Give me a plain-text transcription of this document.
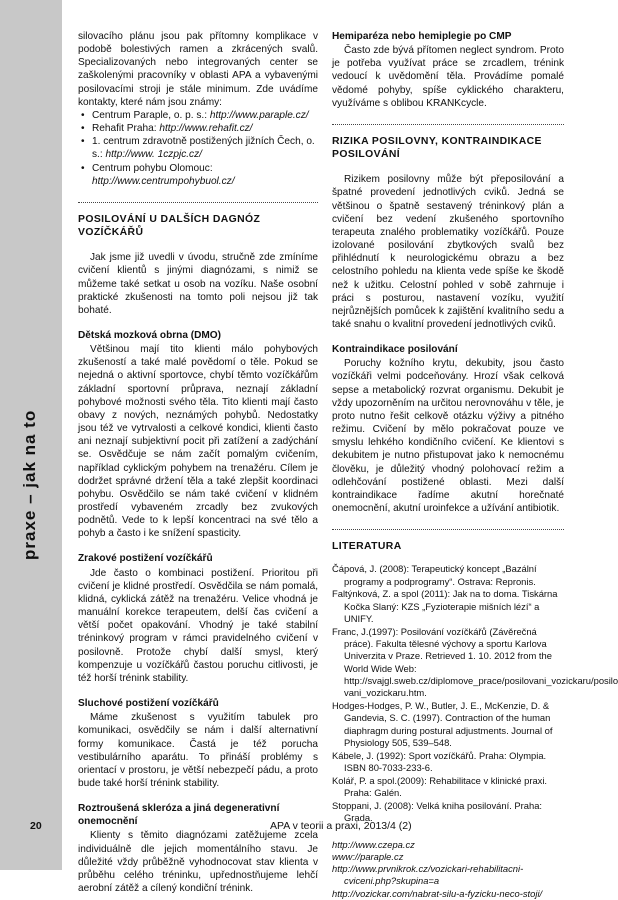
praxe – jak na to

silovacího plánu jsou pak přítomny komplikace v podobě bolestivých ramen a zkrácených svalů. Specializovaných nebo integrovaných center se zaškolenými pracovníky v oblasti APA a vybavenými posilovacími stroji je stále minimum. Zde uvádíme kontakty, které nám jsou známy:

• Centrum Paraple, o. p. s.: http://www.paraple.cz/
• Rehafit Praha: http://www.rehafit.cz/
• 1. centrum zdravotně postižených jižních Čech, o. s.: http://www. 1czpjc.cz/
• Centrum pohybu Olomouc: http://www.centrumpohybuol.cz/
POSILOVÁNÍ U DALŠÍCH DAGNÓZ VOZÍČKÁŘŮ

Jak jsme již uvedli v úvodu, stručně zde zmíníme cvičení klientů s jinými diagnózami, s nimiž se můžeme také setkat u osob na vozíku. Naše osobní praktické zkušenosti na tomto poli nejsou již tak bohaté.

Dětská mozková obrna (DMO)

Většinou mají tito klienti málo pohybových zkušeností a také malé povědomí o těle. Pokud se nejedná o aktivní sportovce, chybí těmto vozíčkářům základní sportovní průprava, neznají základní pohybové možnosti svého těla. Tito klienti mají často obavy z nových, neznámých pohybů. Nedostatky jsou též ve vytrvalosti a celkové kondici, klienti často ani neznají subjektivní pocit při zatížení a zadýchání se. Osvědčuje se nám začít pomalým cvičením, například cyklickým pohybem na trenažéru. Cílem je dodržet správné držení těla a také zlepšit koordinaci pohybu. Osvědčilo se nám také cvičení v klidném prostředí vybaveném zrcadly bez zvukových podnětů. Vede to k lepší koncentraci na své tělo a pohyb a často i ke snížení spasticity.

Zrakové postižení vozíčkářů

Jde často o kombinaci postižení. Prioritou při cvičení je klidné prostředí. Osvědčila se nám pomalá, klidná, cyklická zátěž na trenažéru. Velice vhodná je manuální korekce terapeutem, delší čas cvičení a větší počet opakování. Vhodný je také stabilní tréninkový program v rámci pravidelného cvičení v posilovně. Protože chybí další smysl, který kompenzuje u vozíčkářů častou poruchu citlivosti, je též horší trénink stability.

Sluchové postižení vozíčkářů

Máme zkušenost s využitím tabulek pro komunikaci, osvědčily se nám i další alternativní formy komunikace. Častá je též porucha vestibulárního aparátu. To přináší problémy s orientací v prostoru, je větší nebezpečí pádu, a proto bude také horší trénink stability.

Roztroušená skleróza a jiná degenerativní onemocnění

Klienty s těmito diagnózami zatěžujeme zcela individuálně dle jejich momentálního stavu. Je důležité vždy průběžně vyhodnocovat stav klienta v průběhu celého tréninku, upřednostňujeme lehčí aerobní zátěž a cílený kondiční trénink.

Hemiparéza nebo hemiplegie po CMP

Často zde bývá přítomen neglect syndrom. Proto je potřeba využívat práce se zrcadlem, trénink vedoucí k uvědomění těla. Provádíme pomalé vědomé pohyby, spíše cyklického charakteru, využíváme s oblibou KRANKcycle.

RIZIKA POSILOVNY, KONTRAINDIKACE POSILOVÁNÍ

Rizikem posilovny může být přeposilování a špatné provedení jednotlivých cviků. Jedná se většinou o špatně sestavený tréninkový plán a cvičení bez vedení zkušeného sportovního terapeuta znalého problematiky vozíčkářů. Pouze izolované posilování zbytkových svalů bez přihlédnutí k neurologickému obrazu a bez celostního pohledu na klienta vede spíše ke škodě než k užitku. Celostní pohled v sobě zahrnuje i práci s posturou, nastavení vozíku, využití nejrůznějších pomůcek k zajištění kvalitního sedu a také snahu o kvalitní provedení jednotlivých cviků.

Kontraindikace posilování

Poruchy kožního krytu, dekubity, jsou často vozíčkáři velmi podceňovány. Hrozí však celková sepse a metabolický rozvrat organismu. Dekubit je vždy upozorněním na určitou nerovnováhu v těle, je proto nutno řešit celkově otázku výživy a pitného režimu. Cvičení by mělo pokračovat pouze ve smyslu lehkého kondičního cvičení. Ke klientovi s dekubitem je nutno přistupovat jako k nemocnému člověku, je důležitý vhodný polohovací režim a odlehčování postižené oblasti. Mezi další kontraindikace řadíme akutní horečnaté onemocnění, akutní uroinfekce a užívání antibiotik.

LITERATURA
Čápová, J. (2008): Terapeutický koncept „Bazální programy a podprogramy“. Ostrava: Repronis.
Faltýnková, Z. a spol (2011): Jak na to doma. Tiskárna Kočka Slaný: KZS „Fyzioterapie mišních lézí“ a UNIFY.
Franc, J.(1997): Posilování vozíčkářů (Závěrečná práce). Fakulta tělesné výchovy a sportu Karlova Univerzita v Praze. Retrieved 1. 10. 2012 from the World Wide Web: http://svajgl.sweb.cz/diplomove_prace/posilovani_vozickaru/posilo vani_vozickaru.htm.
Hodges-Hodges, P. W., Butler, J. E., McKenzie, D. & Gandevia, S. C. (1997). Contraction of the human diaphragm during postural adjustments. Journal of Physiology 505, 539–548.
Kábele, J. (1992): Sport vozíčkářů. Praha: Olympia. ISBN 80-7033-233-6.
Kolář, P. a spol.(2009): Rehabilitace v klinické praxi. Praha: Galén.
Stoppani, J. (2008): Velká kniha posilování. Praha: Grada.
http://www.czepa.cz
www://paraple.cz
http://www.prvnikrok.cz/vozickari-rehabilitacni-cviceni.php?skupina=a
http://vozickar.com/nabrat-silu-a-fyzicku-neco-stoji/
20	APA v teorii a praxi, 2013/4 (2)
